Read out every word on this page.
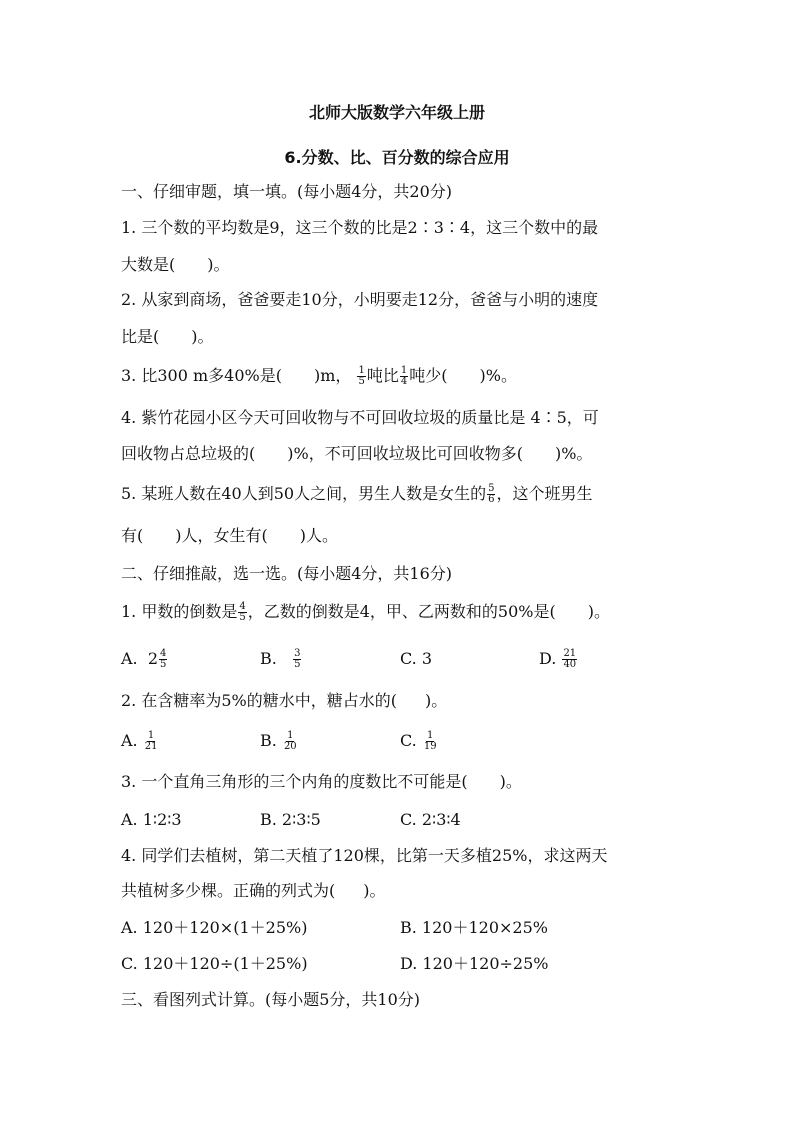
北师大版数学六年级上册
6.分数、比、百分数的综合应用
一、仔细审题，填一填。(每小题4分，共20分)
1. 三个数的平均数是9，这三个数的比是2∶3∶4，这三个数中的最
大数是( )。
2. 从家到商场，爸爸要走10分，小明要走12分，爸爸与小明的速度
比是( )。
3. 比300 m多40%是( )m， $\frac{1}{5}$ 吨比 $\frac{1}{4}$ 吨少( )%。
4. 紫竹花园小区今天可回收物与不可回收垃圾的质量比是 4∶5，可
回收物占总垃圾的( )%，不可回收垃圾比可回收物多( )%。
5. 某班人数在40人到50人之间，男生人数是女生的 $\frac{5}{6}$ ，这个班男生
有( )人，女生有( )人。
二、仔细推敲，选一选。(每小题4分，共16分)
1. 甲数的倒数是 $\frac{4}{5}$ ，乙数的倒数是4，甲、乙两数和的50%是( )。
A. $2 \frac{4}{5}$	B. $\frac{3}{5}$	C. 3	D. $\frac{21}{40}$
2. 在含糖率为5%的糖水中，糖占水的( )。
A. $\frac{1}{21}$	B. $\frac{1}{20}$	C. $\frac{1}{19}$
3. 一个直角三角形的三个内角的度数比不可能是( )。
A. 1∶2∶3	B. 2∶3∶5	C. 2∶3∶4
4. 同学们去植树，第二天植了120棵，比第一天多植25%，求这两天
共植树多少棵。正确的列式为( )。
A. 120＋120×(1＋25%)	B. 120＋120×25%
C. 120＋120÷(1＋25%)	D. 120＋120÷25%
三、看图列式计算。(每小题5分，共10分)
